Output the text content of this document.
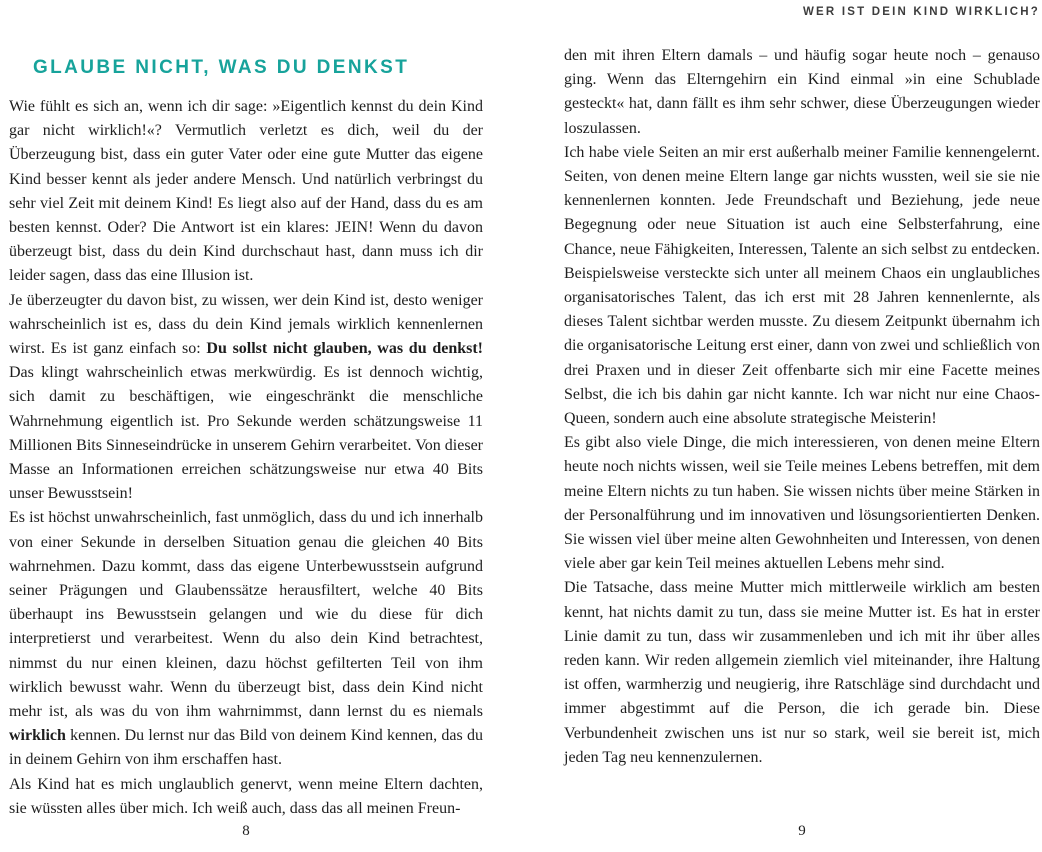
GLAUBE NICHT, WAS DU DENKST

Wie fühlt es sich an, wenn ich dir sage: »Eigentlich kennst du dein Kind gar nicht wirklich!«? Vermutlich verletzt es dich, weil du der Überzeugung bist, dass ein guter Vater oder eine gute Mutter das eigene Kind besser kennt als jeder andere Mensch. Und natürlich verbringst du sehr viel Zeit mit deinem Kind! Es liegt also auf der Hand, dass du es am besten kennst. Oder? Die Antwort ist ein klares: JEIN! Wenn du davon überzeugt bist, dass du dein Kind durchschaut hast, dann muss ich dir leider sagen, dass das eine Illusion ist.

Je überzeugter du davon bist, zu wissen, wer dein Kind ist, desto weniger wahrscheinlich ist es, dass du dein Kind jemals wirklich kennenlernen wirst. Es ist ganz einfach so: Du sollst nicht glauben, was du denkst! Das klingt wahrscheinlich etwas merkwürdig. Es ist dennoch wichtig, sich damit zu beschäftigen, wie eingeschränkt die menschliche Wahrnehmung eigentlich ist. Pro Sekunde werden schätzungsweise 11 Millionen Bits Sinneseindrücke in unserem Gehirn verarbeitet. Von dieser Masse an Informationen erreichen schätzungsweise nur etwa 40 Bits unser Bewusstsein!

Es ist höchst unwahrscheinlich, fast unmöglich, dass du und ich innerhalb von einer Sekunde in derselben Situation genau die gleichen 40 Bits wahrnehmen. Dazu kommt, dass das eigene Unterbewusstsein aufgrund seiner Prägungen und Glaubenssätze herausfiltert, welche 40 Bits überhaupt ins Bewusstsein gelangen und wie du diese für dich interpretierst und verarbeitest. Wenn du also dein Kind betrachtest, nimmst du nur einen kleinen, dazu höchst gefilterten Teil von ihm wirklich bewusst wahr. Wenn du überzeugt bist, dass dein Kind nicht mehr ist, als was du von ihm wahrnimmst, dann lernst du es niemals wirklich kennen. Du lernst nur das Bild von deinem Kind kennen, das du in deinem Gehirn von ihm erschaffen hast.

Als Kind hat es mich unglaublich genervt, wenn meine Eltern dachten, sie wüssten alles über mich. Ich weiß auch, dass das all meinen Freun-

8
WER IST DEIN KIND WIRKLICH?

den mit ihren Eltern damals – und häufig sogar heute noch – genauso ging. Wenn das Elterngehirn ein Kind einmal »in eine Schublade gesteckt« hat, dann fällt es ihm sehr schwer, diese Überzeugungen wieder loszulassen.

Ich habe viele Seiten an mir erst außerhalb meiner Familie kennengelernt. Seiten, von denen meine Eltern lange gar nichts wussten, weil sie sie nie kennenlernen konnten. Jede Freundschaft und Beziehung, jede neue Begegnung oder neue Situation ist auch eine Selbsterfahrung, eine Chance, neue Fähigkeiten, Interessen, Talente an sich selbst zu entdecken. Beispielsweise versteckte sich unter all meinem Chaos ein unglaubliches organisatorisches Talent, das ich erst mit 28 Jahren kennenlernte, als dieses Talent sichtbar werden musste. Zu diesem Zeitpunkt übernahm ich die organisatorische Leitung erst einer, dann von zwei und schließlich von drei Praxen und in dieser Zeit offenbarte sich mir eine Facette meines Selbst, die ich bis dahin gar nicht kannte. Ich war nicht nur eine Chaos-Queen, sondern auch eine absolute strategische Meisterin!

Es gibt also viele Dinge, die mich interessieren, von denen meine Eltern heute noch nichts wissen, weil sie Teile meines Lebens betreffen, mit dem meine Eltern nichts zu tun haben. Sie wissen nichts über meine Stärken in der Personalführung und im innovativen und lösungsorientierten Denken. Sie wissen viel über meine alten Gewohnheiten und Interessen, von denen viele aber gar kein Teil meines aktuellen Lebens mehr sind.

Die Tatsache, dass meine Mutter mich mittlerweile wirklich am besten kennt, hat nichts damit zu tun, dass sie meine Mutter ist. Es hat in erster Linie damit zu tun, dass wir zusammenleben und ich mit ihr über alles reden kann. Wir reden allgemein ziemlich viel miteinander, ihre Haltung ist offen, warmherzig und neugierig, ihre Ratschläge sind durchdacht und immer abgestimmt auf die Person, die ich gerade bin. Diese Verbundenheit zwischen uns ist nur so stark, weil sie bereit ist, mich jeden Tag neu kennenzulernen.

9
